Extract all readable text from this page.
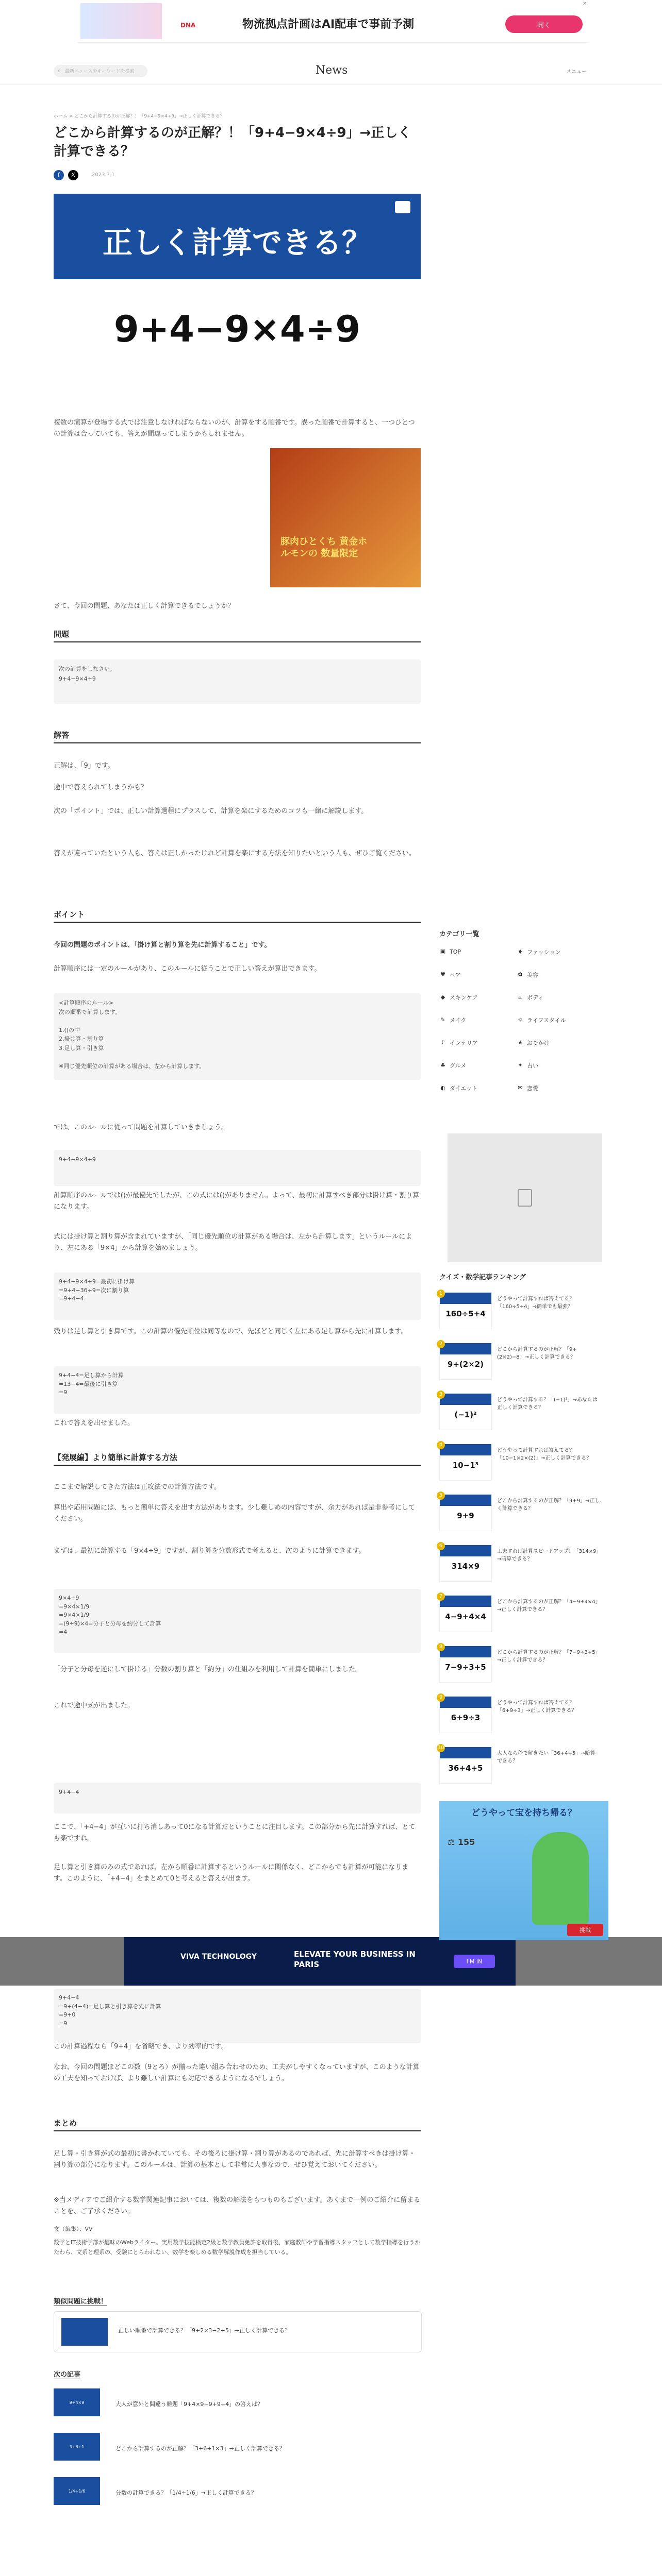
DNA	物流拠点計画はAI配車で事前予測	開く
✕
⌕ 最新ニュースやキーワードを検索	News	メニュー
ホーム > どこから計算するのが正解？！「9+4−9×4÷9」→正しく計算できる？
どこから計算するのが正解？！「9+4−9×4÷9」→正しく計算できる？
f	X	2023.7.1
正しく計算できる？
9+4−9×4÷9
複数の演算が登場する式では注意しなければならないのが、計算をする順番です。誤った順番で計算すると、一つひとつの計算は合っていても、答えが間違ってしまうかもしれません。
豚肉ひとくち 黄金ホルモンの 数量限定
さて、今回の問題、あなたは正しく計算できるでしょうか？
問題
次の計算をしなさい。
9+4−9×4÷9
解答
正解は、「9」です。
途中で答えられてしまうかも？
次の「ポイント」では、正しい計算過程にプラスして、計算を楽にするためのコツも一緒に解説します。
答えが違っていたという人も、答えは正しかったけれど計算を楽にする方法を知りたいという人も、ぜひご覧ください。
ポイント
今回の問題のポイントは、「掛け算と割り算を先に計算すること」です。
計算順序には一定のルールがあり、このルールに従うことで正しい答えが算出できます。
<計算順序のルール>
次の順番で計算します。

1.()の中
2.掛け算・割り算
3.足し算・引き算

※同じ優先順位の計算がある場合は、左から計算します。
では、このルールに従って問題を計算していきましょう。
9+4−9×4÷9
計算順序のルールでは()が最優先でしたが、この式には()がありません。よって、最初に計算すべき部分は掛け算・割り算になります。
式には掛け算と割り算が含まれていますが、「同じ優先順位の計算がある場合は、左から計算します」というルールにより、左にある「9×4」から計算を始めましょう。
9+4−9×4÷9=最初に掛け算
=9+4−36÷9=次に割り算
=9+4−4
残りは足し算と引き算です。この計算の優先順位は同等なので、先ほどと同じく左にある足し算から先に計算します。
9+4−4=足し算から計算
=13−4=最後に引き算
=9
これで答えを出せました。
【発展編】より簡単に計算する方法
ここまで解説してきた方法は正攻法での計算方法です。
算出や応用問題には、もっと簡単に答えを出す方法があります。少し難しめの内容ですが、余力があれば是非参考にしてください。
まずは、最初に計算する「9×4÷9」ですが、割り算を分数形式で考えると、次のように計算できます。
9×4÷9
=9×4×1/9
=9×4×1/9
=(9÷9)×4=分子と分母を約分して計算
=4
「分子と分母を逆にして掛ける」分数の割り算と「約分」の仕組みを利用して計算を簡単にしました。
これで途中式が出ました。
9+4−4
ここで、「+4−4」が互いに打ち消しあって0になる計算だということに注目します。この部分から先に計算すれば、とても楽ですね。
足し算と引き算のみの式であれば、左から順番に計算するというルールに関係なく、どこからでも計算が可能になります。このように、「+4−4」をまとめて0と考えると答えが出ます。
VIVA TECHNOLOGY	ELEVATE YOUR BUSINESS IN PARIS	I'M IN
9+4−4
=9+(4−4)=足し算と引き算を先に計算
=9+0
=9
この計算過程なら「9+4」を省略でき、より効率的です。
なお、今回の問題ほどこの数（9とろ）が揃った違い組み合わせのため、工夫がしやすくなっていますが、このような計算の工夫を知っておけば、より難しい計算にも対応できるようになるでしょう。
まとめ
足し算・引き算が式の最初に書かれていても、その後ろに掛け算・割り算があるのであれば、先に計算すべきは掛け算・割り算の部分になります。このルールは、計算の基本として非常に大事なので、ぜひ覚えておいてください。
※当メディアでご紹介する数学関連記事においては、複数の解法をもつものもございます。あくまで一例のご紹介に留まることを、ご了承ください。
文（編集）：VV
数学とIT技術学部が趣味のWebライター。実用数学技能検定2級と数学教員免許を取得後、家庭教師や学習指導スタッフとして数学指導を行うかたわら、文系と理系の、受験にとらわれない、数学を楽しめる数学解説作成を担当している。
類似問題に挑戦！
正しい順番で計算できる？「9+2×3−2+5」→正しく計算できる？
次の記事
9+4×9	大人が意外と間違う難題「9+4×9−9+9÷4」の答えは？
3+6÷1	どこから計算するのが正解？「3+6÷1×3」→正しく計算できる？
1/4÷1/6	分数の計算できる？「1/4÷1/6」→正しく計算できる？
カテゴリ一覧
▣ TOP	♦ ファッション
♥ ヘア	✿ 美容
◆ スキンケア	♨ ボディ
✎ メイク	☼ ライフスタイル
♪ インテリア	★ おでかけ
♣ グルメ	✦ 占い
◐ ダイエット	✉ 恋愛
クイズ・数学記事ランキング
160÷5+4
1
どうやって計算すれば答えてる？「160÷5+4」→簡単でも最強？
9+(2×2)
2
どこから計算するのが正解？「9+(2×2)−8」→正しく計算できる？
(−1)²
3
どうやって計算する？「(−1)²」→あなたは正しく計算できる？
10−1³
4
どうやって計算すれば答えてる？「10−1×2×(2)」→正しく計算できる？
9+9
5
どこから計算するのが正解？「9+9」→正しく計算できる？
314×9
6
工夫すれば計算スピードアップ！「314×9」→暗算できる？
4−9+4×4
7
どこから計算するのが正解？「4−9+4×4」→正しく計算できる？
7−9÷3+5
8
どこから計算するのが正解？「7−9÷3+5」→正しく計算できる？
6+9÷3
9
どうやって計算すれば答えてる？「6+9÷3」→正しく計算できる？
36+4+5
10
大人なら秒で解きたい「36+4+5」→暗算できる？
どうやって宝を持ち帰る？
⚖ 155
挑戦
